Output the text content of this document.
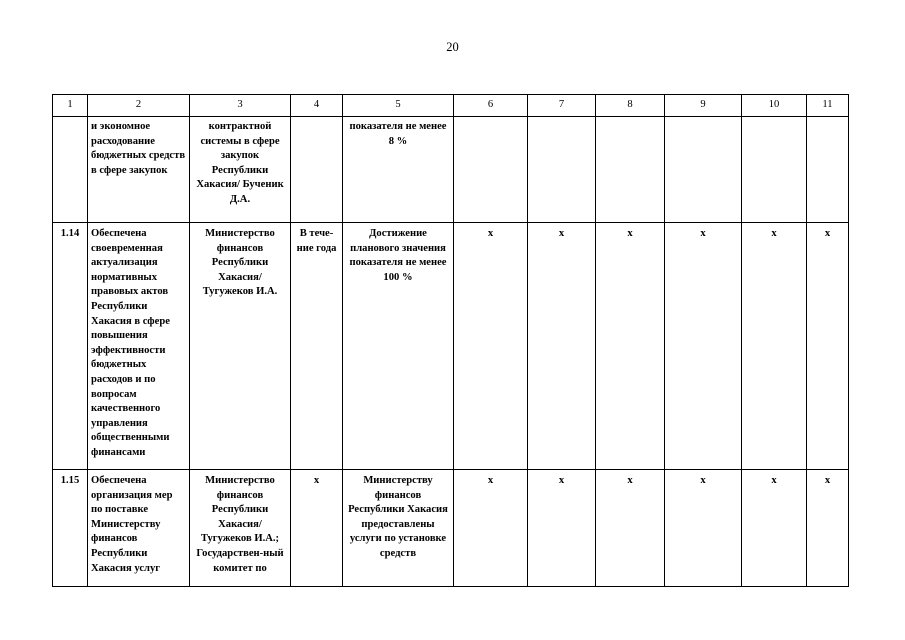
20
1	2	3	4	5	6	7	8	9	10	11
	и экономное расходование бюджетных средств в сфере закупок	контрактной системы в сфере закупок Республики Хакасия/ Бученик Д.А.		показателя не менее 8 %						
1.14	Обеспечена своевременная актуализация нормативных правовых актов Республики Хакасия в сфере повышения эффективности бюджетных расходов и по вопросам качественного управления общественными финансами	Министерство финансов Республики Хакасия/ Тугужеков И.А.	В тече-ние года	Достижение планового значения показателя не менее 100 %	х	х	х	х	х	х
1.15	Обеспечена организация мер по поставке Министерству финансов Республики Хакасия услуг	Министерство финансов Республики Хакасия/ Тугужеков И.А.; Государствен-ный комитет по	х	Министерству финансов Республики Хакасия предоставлены услуги по установке средств	х	х	х	х	х	х
